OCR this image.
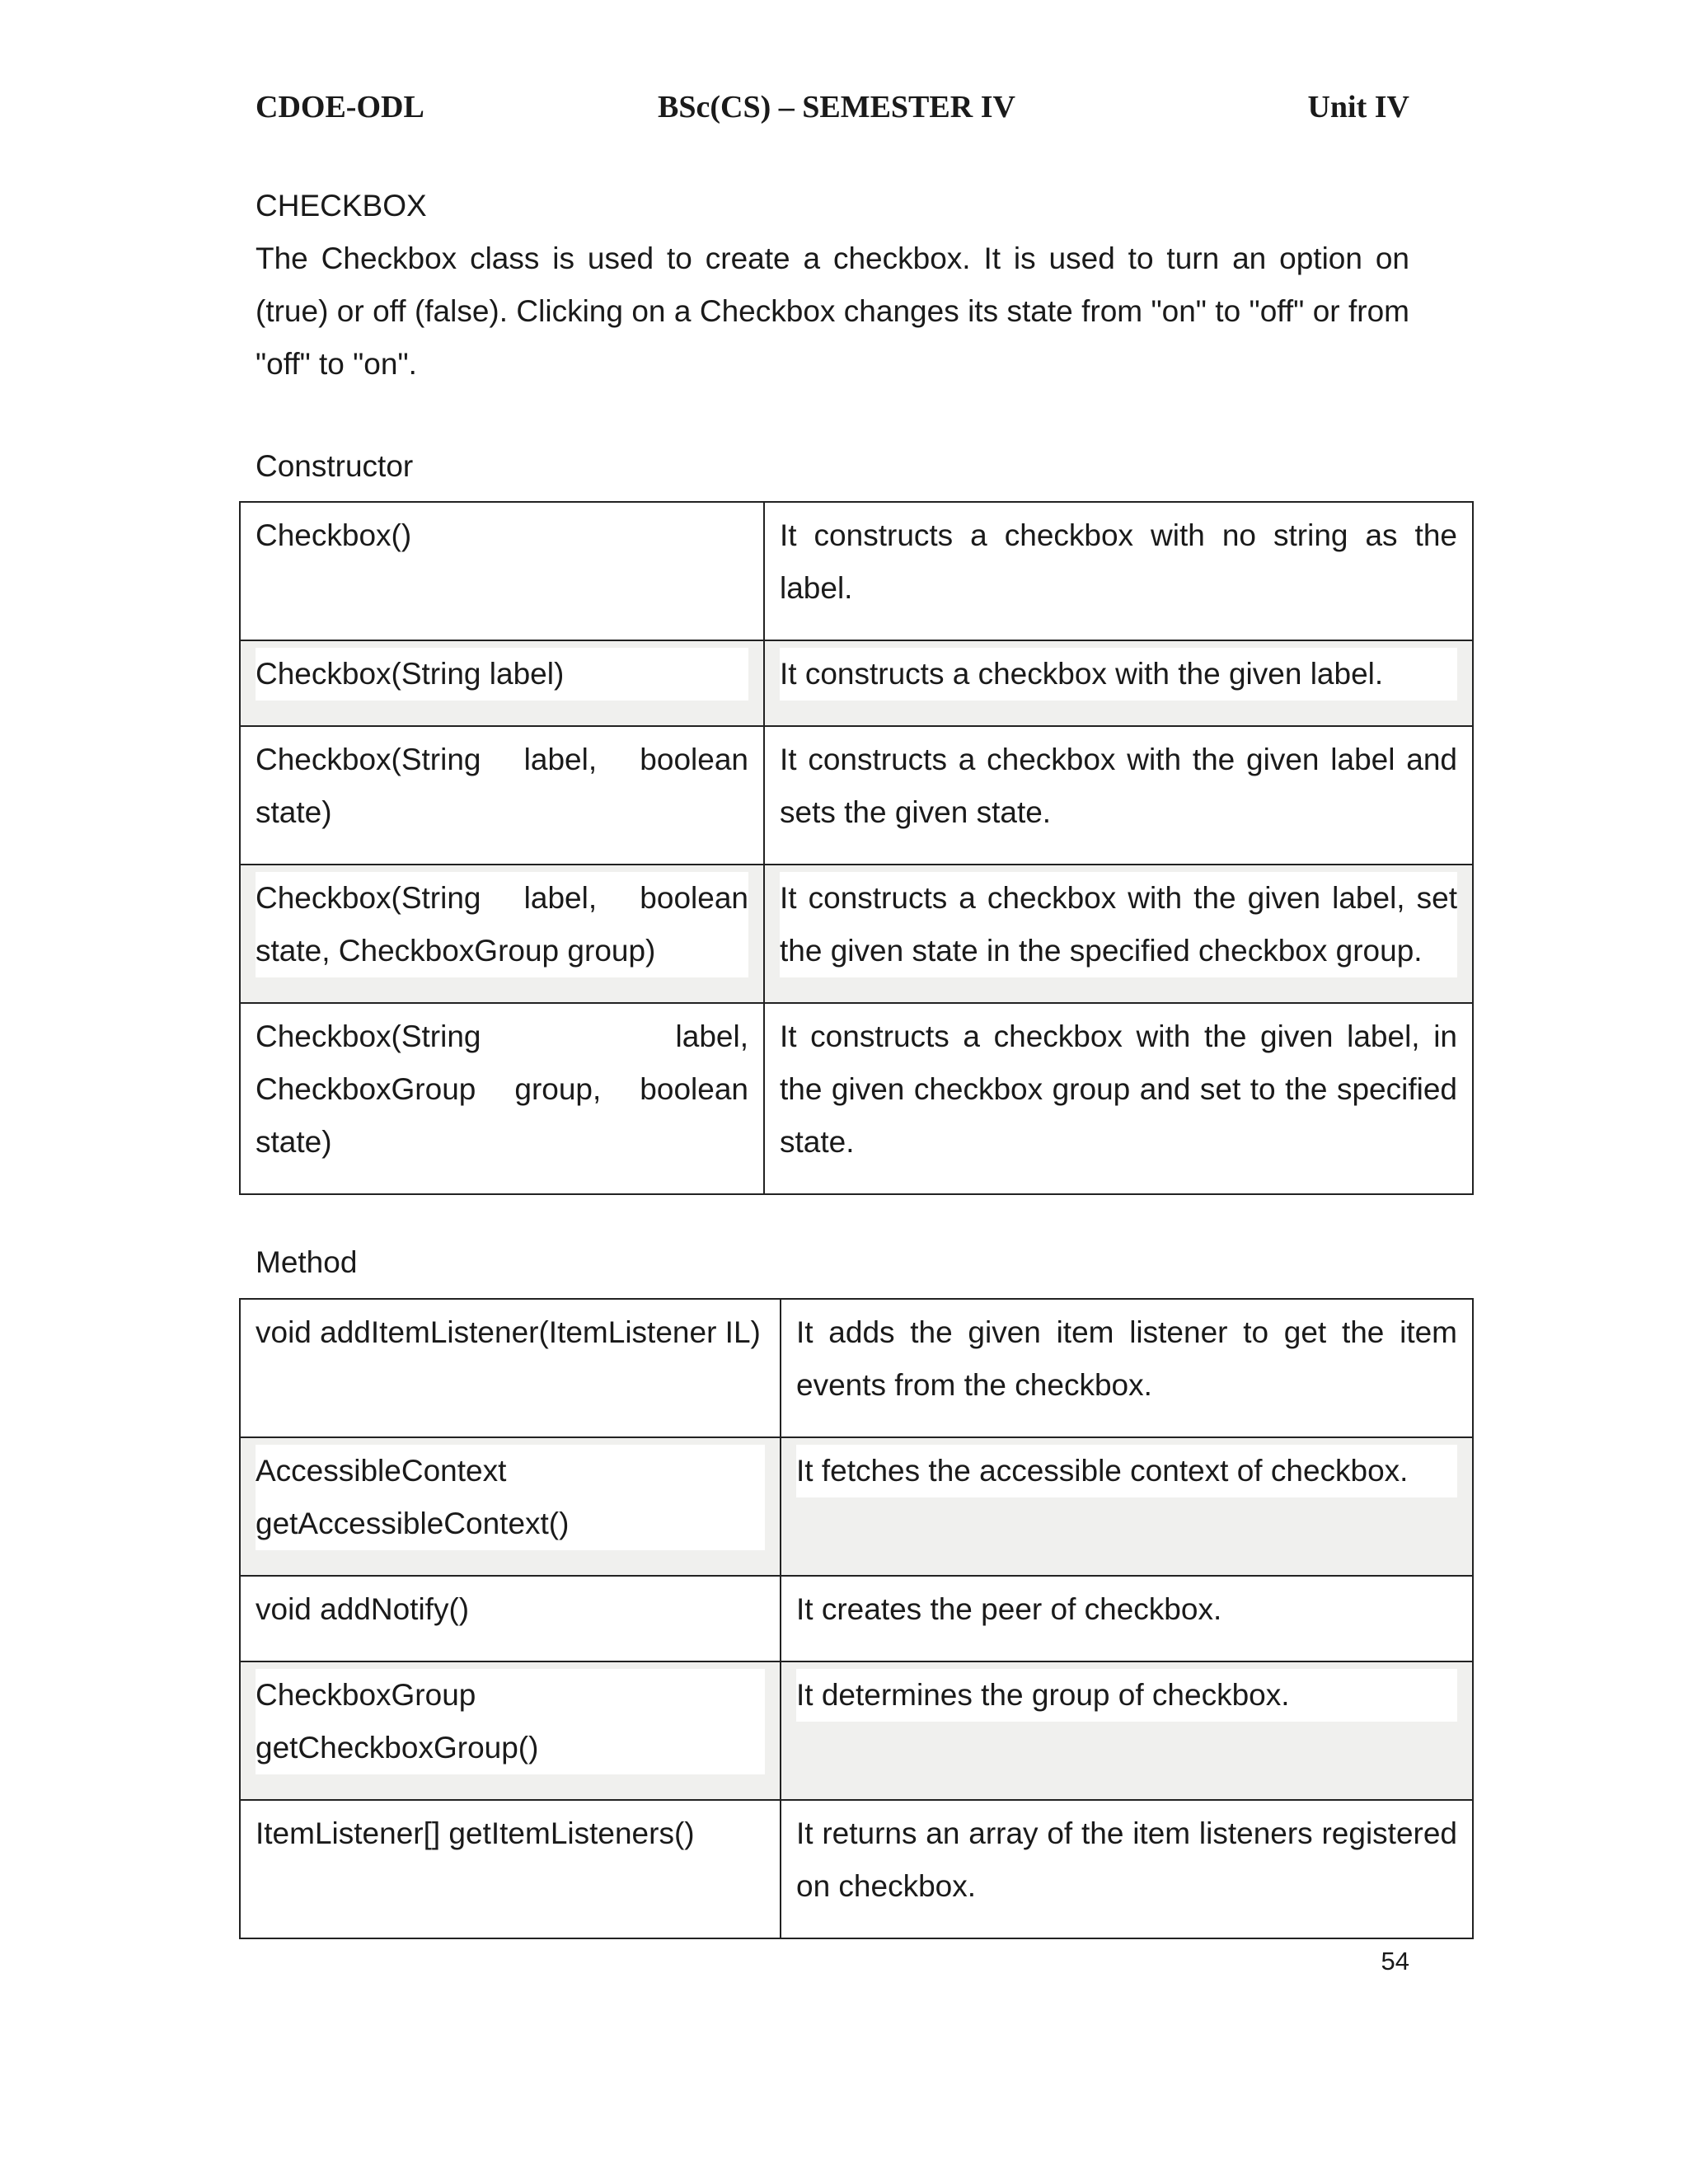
CDOE-ODL	BSc(CS) – SEMESTER IV	Unit IV

CHECKBOX

The Checkbox class is used to create a checkbox. It is used to turn an option on (true) or off (false). Clicking on a Checkbox changes its state from "on" to "off" or from "off" to "on".

Constructor
Checkbox()	It constructs a checkbox with no string as the label.

Checkbox(String label)	It constructs a checkbox with the given label.

Checkbox(String label, boolean state)	It constructs a checkbox with the given label and sets the given state.

Checkbox(String label, boolean state, CheckboxGroup group)	It constructs a checkbox with the given label, set the given state in the specified checkbox group.

Checkbox(String label, CheckboxGroup group, boolean state)	It constructs a checkbox with the given label, in the given checkbox group and set to the specified state.
Method
void addItemListener(ItemListener IL)	It adds the given item listener to get the item events from the checkbox.

AccessibleContext getAccessibleContext()	It fetches the accessible context of checkbox.

void addNotify()	It creates the peer of checkbox.

CheckboxGroup getCheckboxGroup()	It determines the group of checkbox.

ItemListener[] getItemListeners()	It returns an array of the item listeners registered on checkbox.
54
